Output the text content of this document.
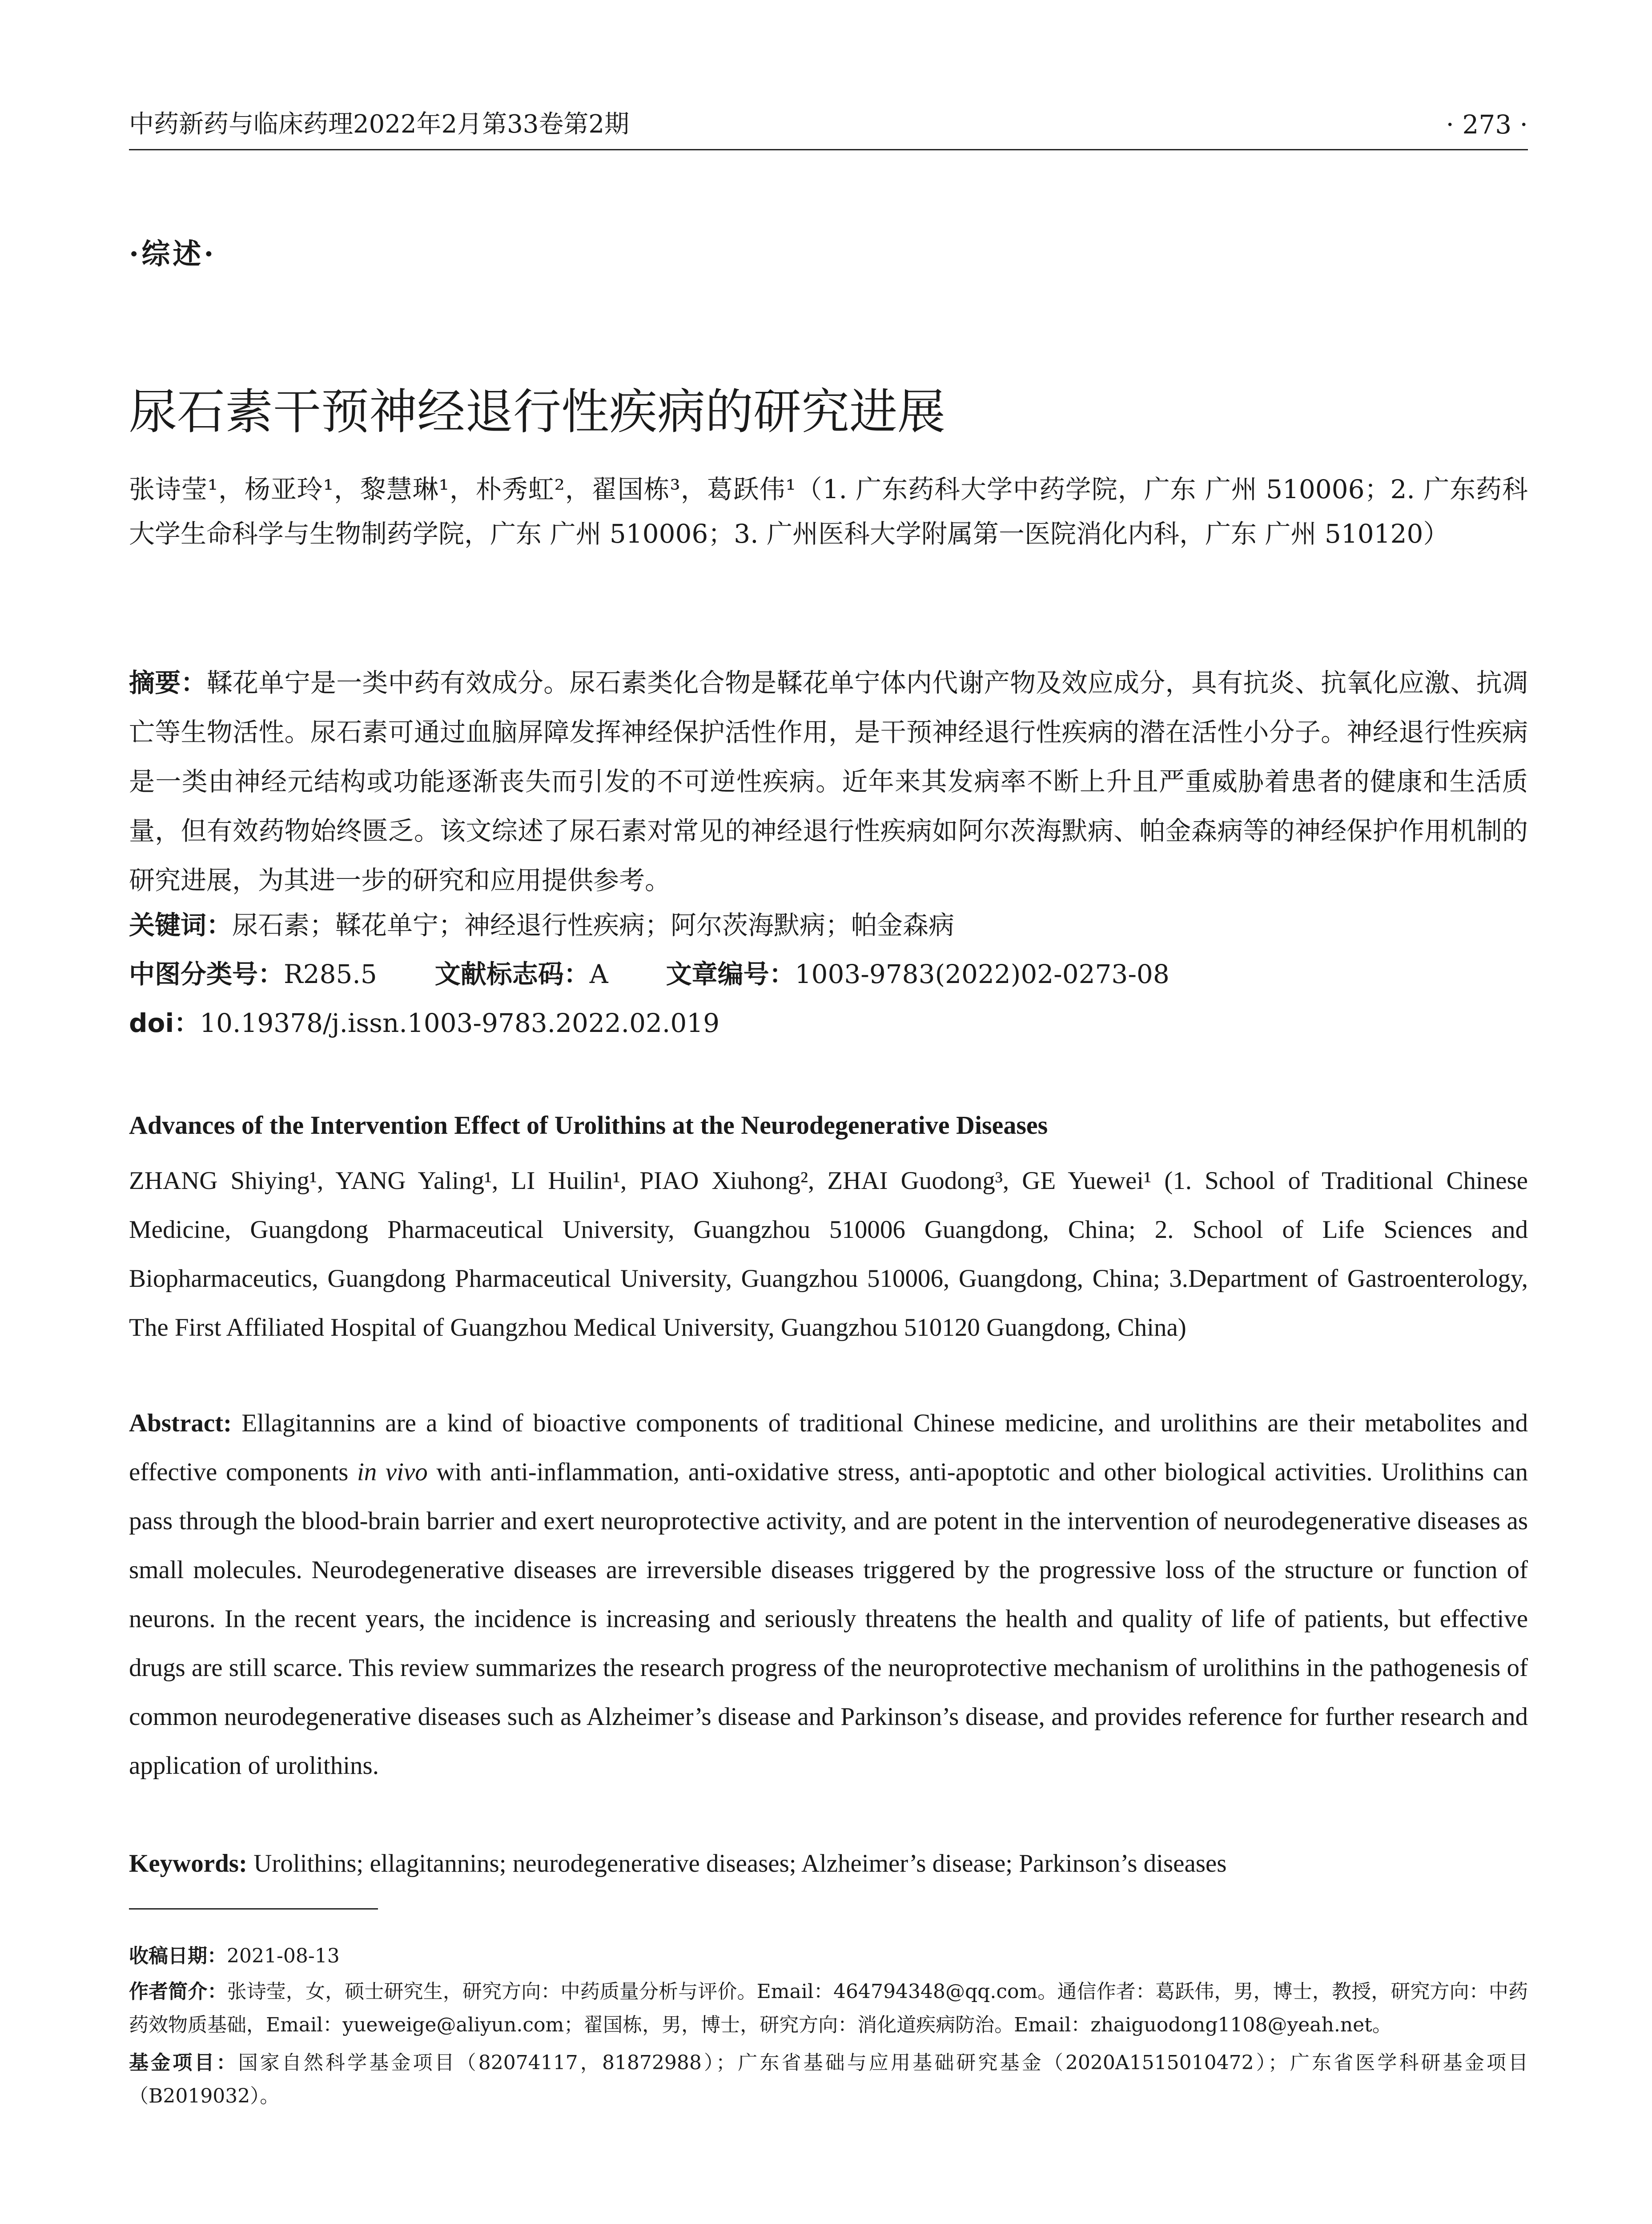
中药新药与临床药理2022年2月第33卷第2期	· 273 ·
·综述·
尿石素干预神经退行性疾病的研究进展
张诗莹¹，杨亚玲¹，黎慧琳¹，朴秀虹²，翟国栋³，葛跃伟¹（1. 广东药科大学中药学院，广东 广州 510006；2. 广东药科大学生命科学与生物制药学院，广东 广州 510006；3. 广州医科大学附属第一医院消化内科，广东 广州 510120）
摘要：鞣花单宁是一类中药有效成分。尿石素类化合物是鞣花单宁体内代谢产物及效应成分，具有抗炎、抗氧化应激、抗凋亡等生物活性。尿石素可通过血脑屏障发挥神经保护活性作用，是干预神经退行性疾病的潜在活性小分子。神经退行性疾病是一类由神经元结构或功能逐渐丧失而引发的不可逆性疾病。近年来其发病率不断上升且严重威胁着患者的健康和生活质量，但有效药物始终匮乏。该文综述了尿石素对常见的神经退行性疾病如阿尔茨海默病、帕金森病等的神经保护作用机制的研究进展，为其进一步的研究和应用提供参考。
关键词：尿石素；鞣花单宁；神经退行性疾病；阿尔茨海默病；帕金森病
中图分类号：R285.5 文献标志码：A 文章编号：1003-9783(2022)02-0273-08
doi：10.19378/j.issn.1003-9783.2022.02.019
Advances of the Intervention Effect of Urolithins at the Neurodegenerative Diseases
ZHANG Shiying¹, YANG Yaling¹, LI Huilin¹, PIAO Xiuhong², ZHAI Guodong³, GE Yuewei¹ (1. School of Traditional Chinese Medicine, Guangdong Pharmaceutical University, Guangzhou 510006 Guangdong, China; 2. School of Life Sciences and Biopharmaceutics, Guangdong Pharmaceutical University, Guangzhou 510006, Guangdong, China; 3.Department of Gastroenterology, The First Affiliated Hospital of Guangzhou Medical University, Guangzhou 510120 Guangdong, China)
Abstract: Ellagitannins are a kind of bioactive components of traditional Chinese medicine, and urolithins are their metabolites and effective components in vivo with anti-inflammation, anti-oxidative stress, anti-apoptotic and other biological activities. Urolithins can pass through the blood-brain barrier and exert neuroprotective activity, and are potent in the intervention of neurodegenerative diseases as small molecules. Neurodegenerative diseases are irreversible diseases triggered by the progressive loss of the structure or function of neurons. In the recent years, the incidence is increasing and seriously threatens the health and quality of life of patients, but effective drugs are still scarce. This review summarizes the research progress of the neuroprotective mechanism of urolithins in the pathogenesis of common neurodegenerative diseases such as Alzheimer’s disease and Parkinson’s disease, and provides reference for further research and application of urolithins.
Keywords: Urolithins; ellagitannins; neurodegenerative diseases; Alzheimer’s disease; Parkinson’s diseases
收稿日期：2021-08-13
作者简介：张诗莹，女，硕士研究生，研究方向：中药质量分析与评价。Email：464794348@qq.com。通信作者：葛跃伟，男，博士，教授，研究方向：中药药效物质基础，Email：yueweige@aliyun.com；翟国栋，男，博士，研究方向：消化道疾病防治。Email：zhaiguodong1108@yeah.net。
基金项目：国家自然科学基金项目（82074117，81872988）；广东省基础与应用基础研究基金（2020A1515010472）；广东省医学科研基金项目（B2019032）。
